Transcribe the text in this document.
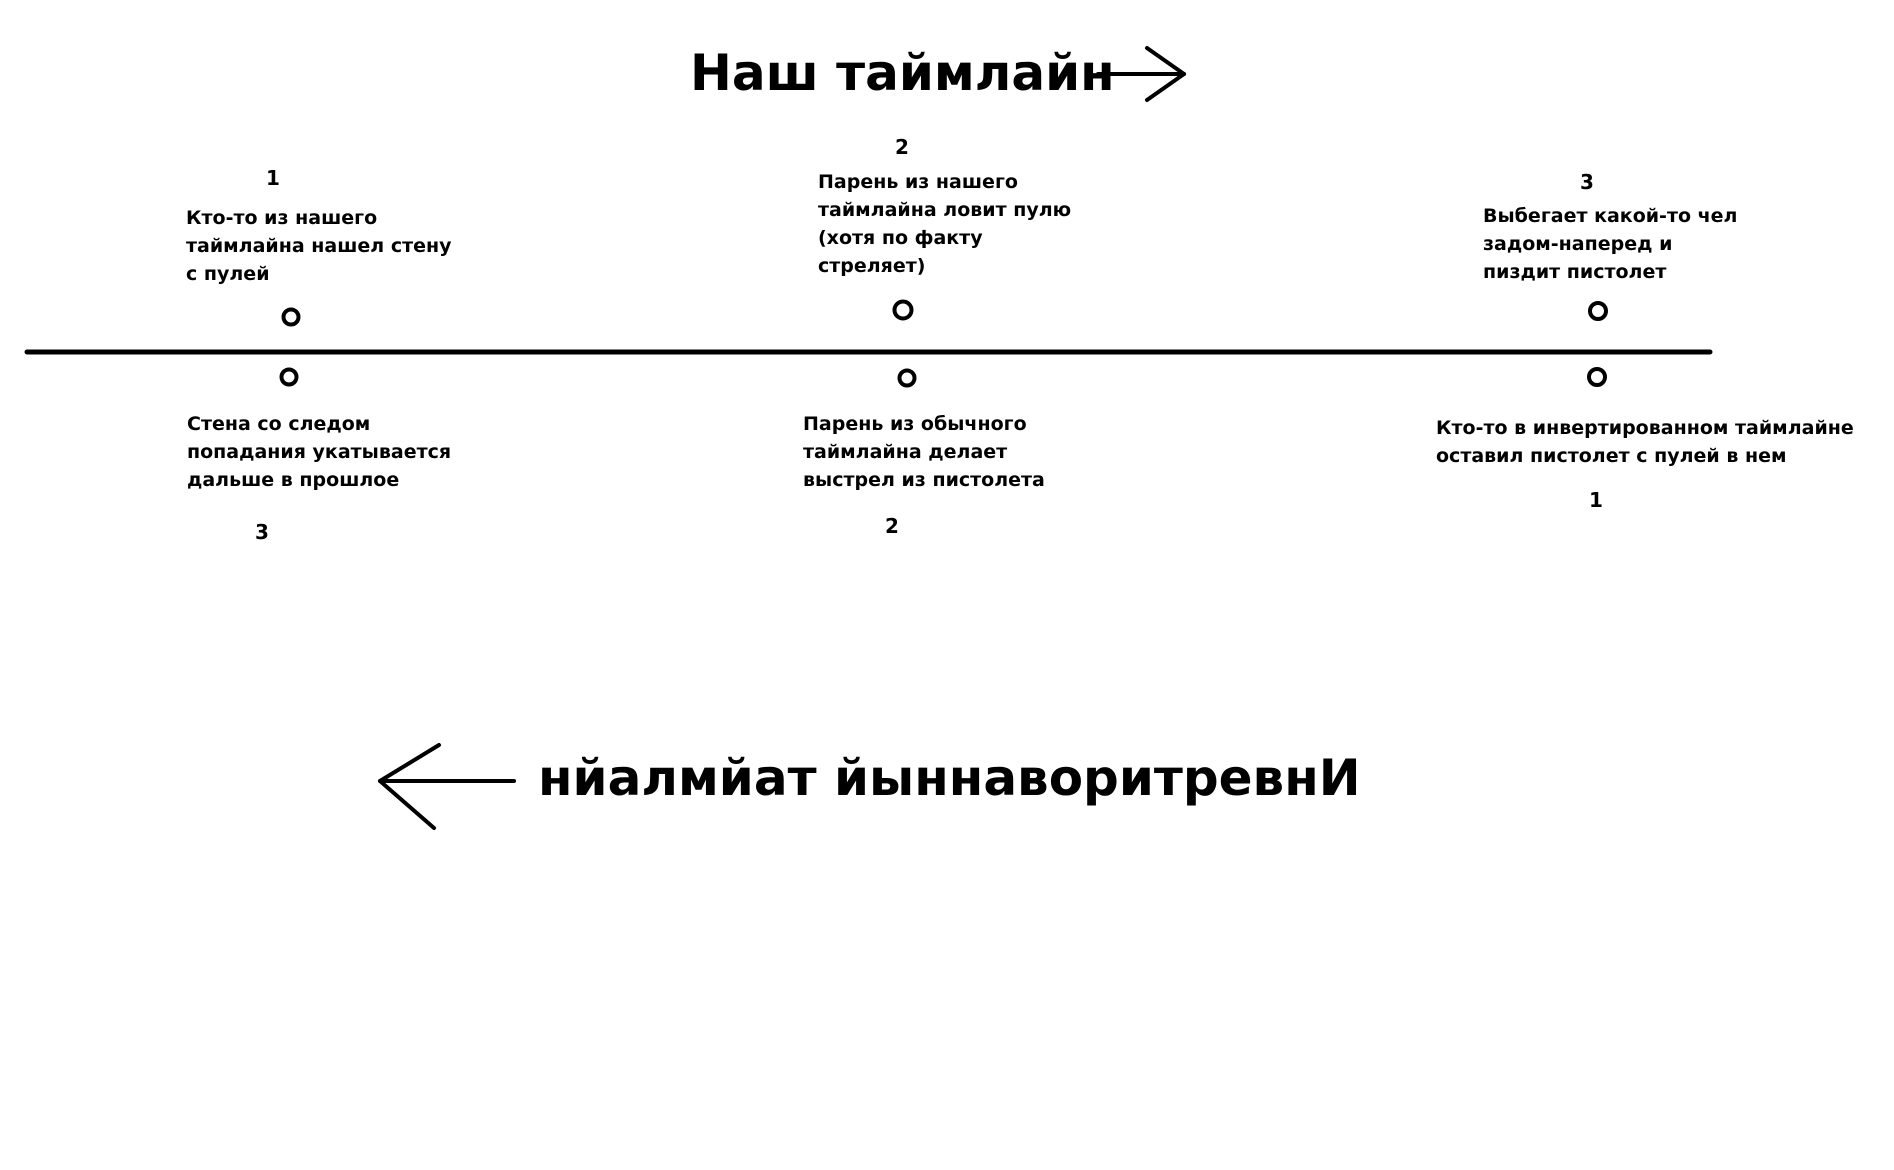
Наш таймлайн
нйалмйат йыннаворитревнИ
1
Кто-то из нашего
таймлайна нашел стену
с пулей
2
Парень из нашего
таймлайна ловит пулю
(хотя по факту
стреляет)
3
Выбегает какой-то чел
задом-наперед и
пиздит пистолет
Стена со следом
попадания укатывается
дальше в прошлое
3
Парень из обычного
таймлайна делает
выстрел из пистолета
2
Кто-то в инвертированном таймлайне
оставил пистолет с пулей в нем
1
